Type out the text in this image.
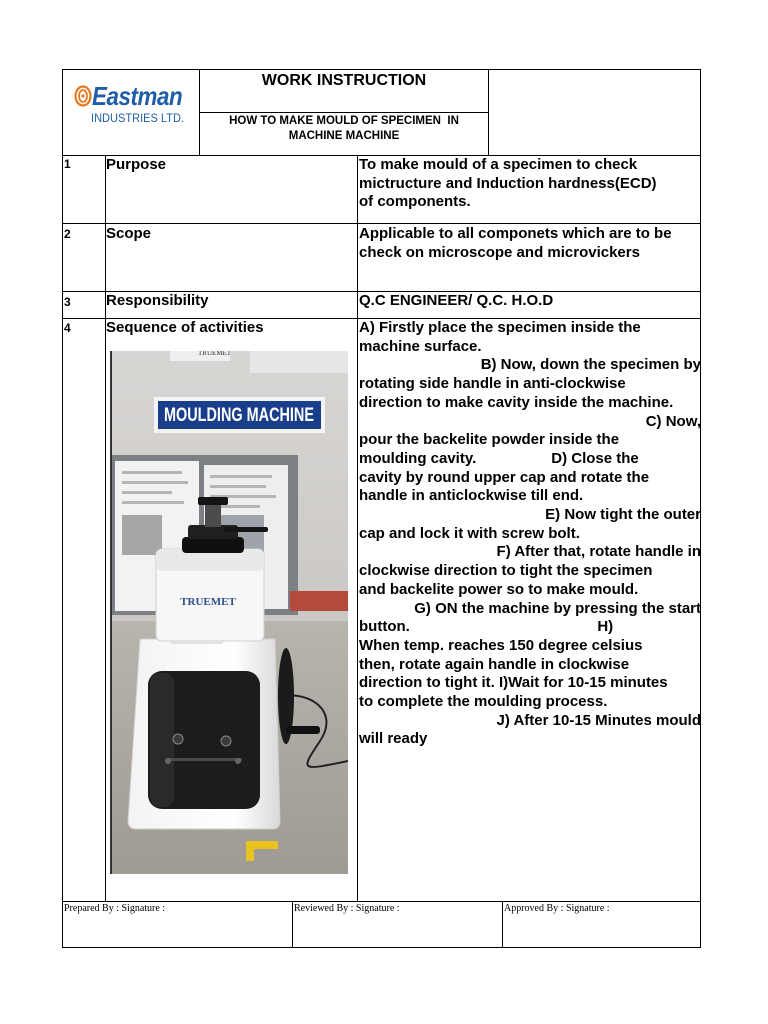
Eastman
INDUSTRIES LTD.
WORK INSTRUCTION
HOW TO MAKE MOULD OF SPECIMEN  IN
MACHINE MACHINE
1 Purpose	To make mould of a specimen to check
mictructure and Induction hardness(ECD)
of components.
2 Scope	Applicable to all componets which are to be
check on microscope and microvickers
3 Responsibility	Q.C ENGINEER/ Q.C. H.O.D
4 Sequence of activities	A) Firstly place the specimen inside the
machine surface.
B) Now, down the specimen by
rotating side handle in anti-clockwise
direction to make cavity inside the machine.
C) Now,
pour the backelite powder inside the
moulding cavity.                  D) Close the
cavity by round upper cap and rotate the
handle in anticlockwise till end.
E) Now tight the outer
cap and lock it with screw bolt.
F) After that, rotate handle in
clockwise direction to tight the specimen
and backelite power so to make mould.
G) ON the machine by pressing the start
button.                                             H)
When temp. reaches 150 degree celsius
then, rotate again handle in clockwise
direction to tight it. I)Wait for 10-15 minutes
to complete the moulding process.
J) After 10-15 Minutes mould
will ready
MOULDING MACHINE
TRUEMET
TRUEMET
Prepared By : Signature :	Reviewed By : Signature :	Approved By : Signature :
